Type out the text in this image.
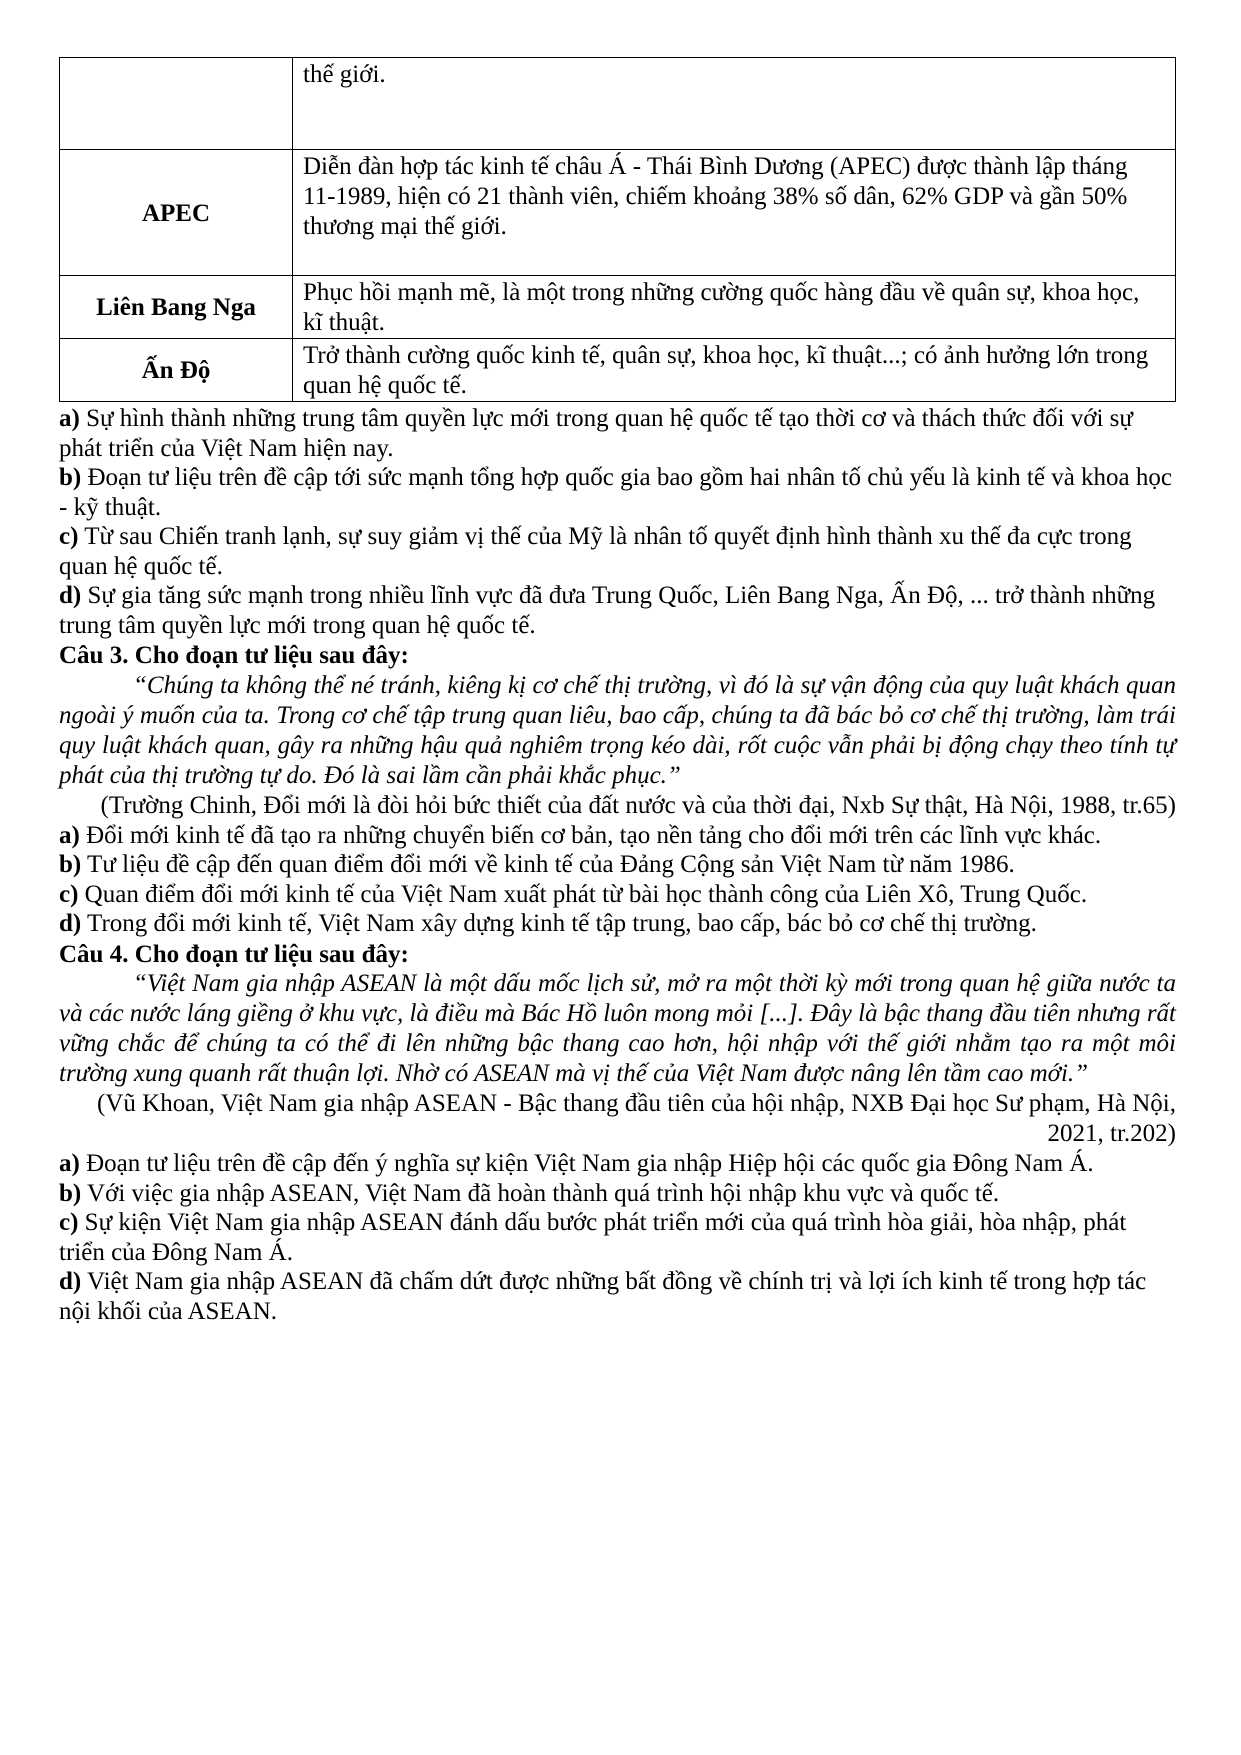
	thế giới.
APEC	Diễn đàn hợp tác kinh tế châu Á - Thái Bình Dương (APEC) được thành lập tháng 11-1989, hiện có 21 thành viên, chiếm khoảng 38% số dân, 62% GDP và gần 50%
thương mại thế giới.

Liên Bang Nga	Phục hồi mạnh mẽ, là một trong những cường quốc hàng đầu về quân sự, khoa học, kĩ thuật.
Ấn Độ	Trở thành cường quốc kinh tế, quân sự, khoa học, kĩ thuật...; có ảnh hưởng lớn trong quan hệ quốc tế.

a) Sự hình thành những trung tâm quyền lực mới trong quan hệ quốc tế tạo thời cơ và thách thức đối với sự phát triển của Việt Nam hiện nay.

b) Đoạn tư liệu trên đề cập tới sức mạnh tổng hợp quốc gia bao gồm hai nhân tố chủ yếu là kinh tế và khoa học - kỹ thuật.

c) Từ sau Chiến tranh lạnh, sự suy giảm vị thế của Mỹ là nhân tố quyết định hình thành xu thế đa cực trong quan hệ quốc tế.

d) Sự gia tăng sức mạnh trong nhiều lĩnh vực đã đưa Trung Quốc, Liên Bang Nga, Ấn Độ, ... trở thành những trung tâm quyền lực mới trong quan hệ quốc tế.

Câu 3. Cho đoạn tư liệu sau đây:

“Chúng ta không thể né tránh, kiêng kị cơ chế thị trường, vì đó là sự vận động của quy luật khách quan ngoài ý muốn của ta. Trong cơ chế tập trung quan liêu, bao cấp, chúng ta đã bác bỏ cơ chế thị trường, làm trái quy luật khách quan, gây ra những hậu quả nghiêm trọng kéo dài, rốt cuộc vẫn phải bị động chạy theo tính tự phát của thị trường tự do. Đó là sai lầm cần phải khắc phục.”

(Trường Chinh, Đổi mới là đòi hỏi bức thiết của đất nước và của thời đại, Nxb Sự thật, Hà Nội, 1988, tr.65)

a) Đổi mới kinh tế đã tạo ra những chuyển biến cơ bản, tạo nền tảng cho đổi mới trên các lĩnh vực khác.

b) Tư liệu đề cập đến quan điểm đổi mới về kinh tế của Đảng Cộng sản Việt Nam từ năm 1986.

c) Quan điểm đổi mới kinh tế của Việt Nam xuất phát từ bài học thành công của Liên Xô, Trung Quốc.

d) Trong đổi mới kinh tế, Việt Nam xây dựng kinh tế tập trung, bao cấp, bác bỏ cơ chế thị trường.

Câu 4. Cho đoạn tư liệu sau đây:

“Việt Nam gia nhập ASEAN là một dấu mốc lịch sử, mở ra một thời kỳ mới trong quan hệ giữa nước ta và các nước láng giềng ở khu vực, là điều mà Bác Hồ luôn mong mỏi [...]. Đây là bậc thang đầu tiên nhưng rất vững chắc để chúng ta có thể đi lên những bậc thang cao hơn, hội nhập với thế giới nhằm tạo ra một môi trường xung quanh rất thuận lợi. Nhờ có ASEAN mà vị thế của Việt Nam được nâng lên tầm cao mới.”

(Vũ Khoan, Việt Nam gia nhập ASEAN - Bậc thang đầu tiên của hội nhập, NXB Đại học Sư phạm, Hà Nội, 2021, tr.202)

a) Đoạn tư liệu trên đề cập đến ý nghĩa sự kiện Việt Nam gia nhập Hiệp hội các quốc gia Đông Nam Á.

b) Với việc gia nhập ASEAN, Việt Nam đã hoàn thành quá trình hội nhập khu vực và quốc tế.

c) Sự kiện Việt Nam gia nhập ASEAN đánh dấu bước phát triển mới của quá trình hòa giải, hòa nhập, phát triển của Đông Nam Á.

d) Việt Nam gia nhập ASEAN đã chấm dứt được những bất đồng về chính trị và lợi ích kinh tế trong hợp tác nội khối của ASEAN.
